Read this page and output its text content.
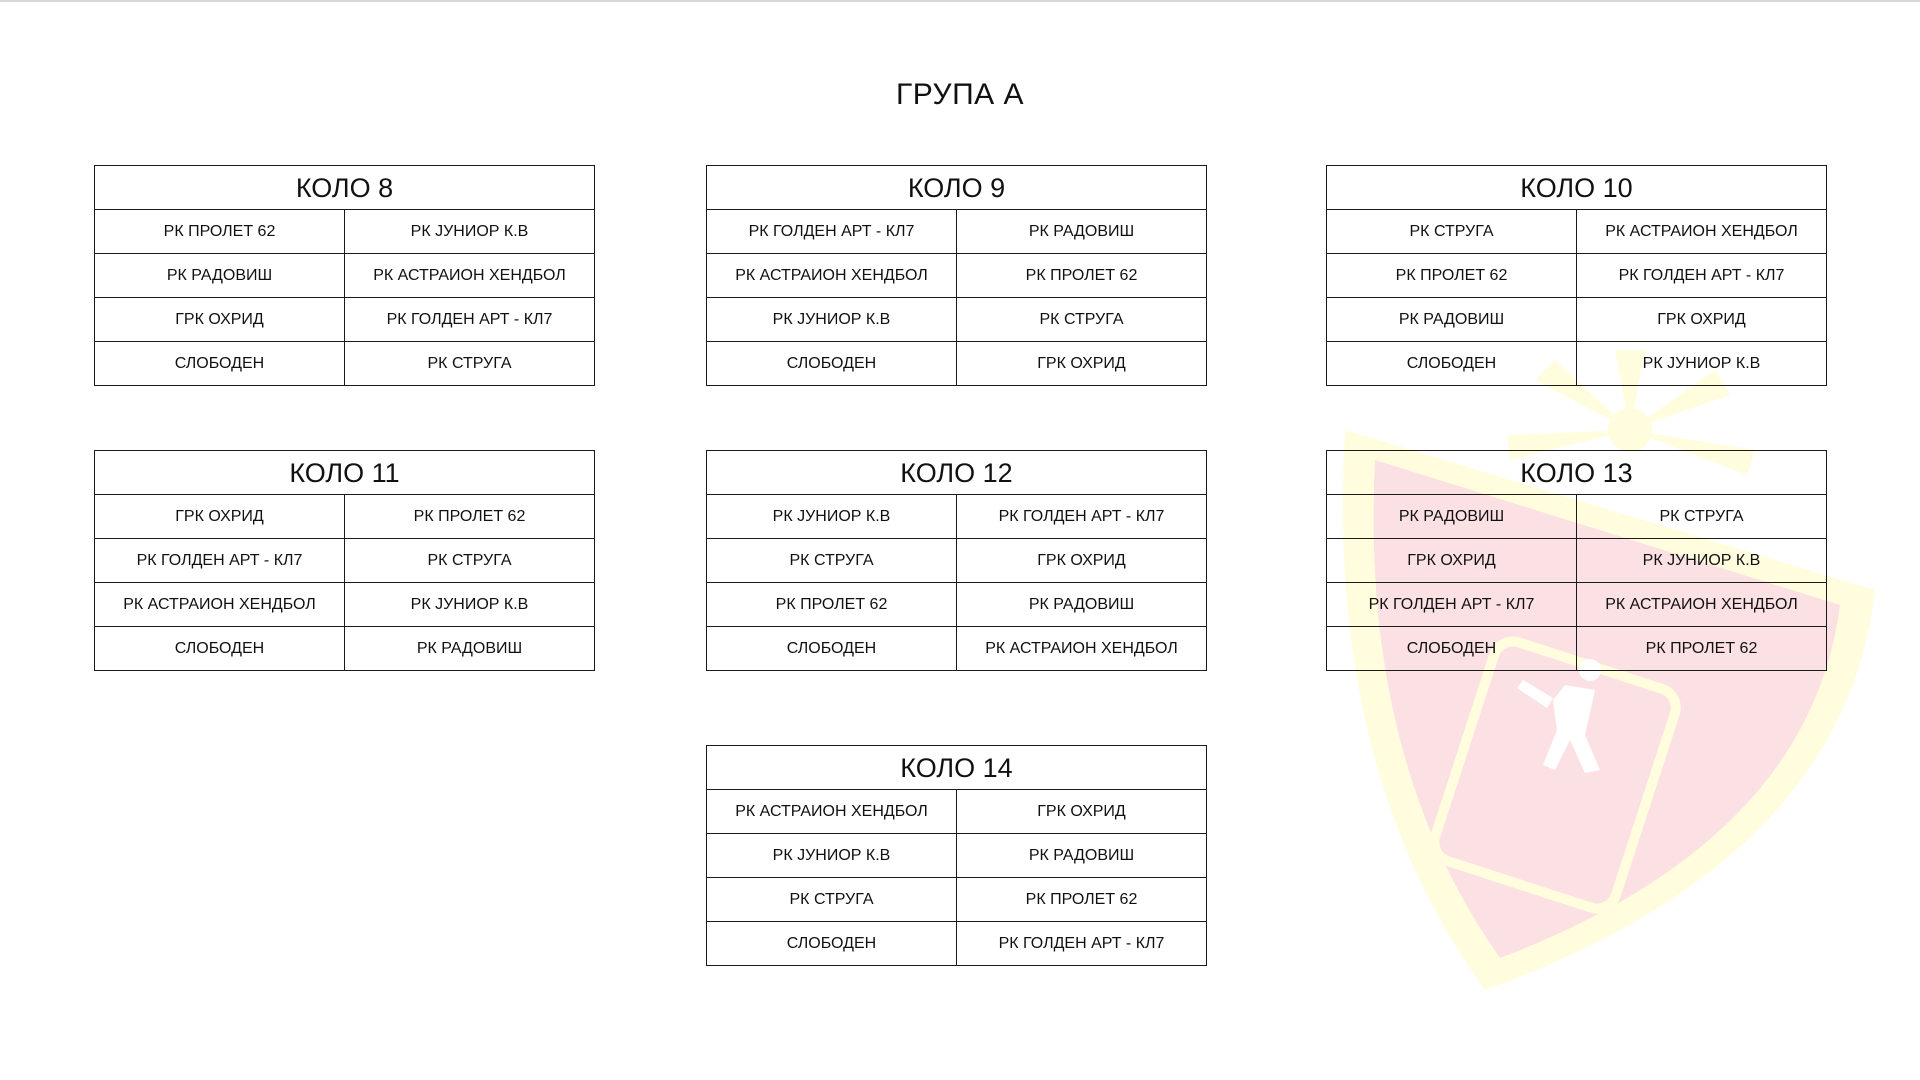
ГРУПА А
КОЛО 8
РК ПРОЛЕТ 62	РК ЈУНИОР К.В
РК РАДОВИШ	РК АСТРАИОН ХЕНДБОЛ
ГРК ОХРИД	РК ГОЛДЕН АРТ - КЛ7
СЛОБОДЕН	РК СТРУГА
КОЛО 9
РК ГОЛДЕН АРТ - КЛ7	РК РАДОВИШ
РК АСТРАИОН ХЕНДБОЛ	РК ПРОЛЕТ 62
РК ЈУНИОР К.В	РК СТРУГА
СЛОБОДЕН	ГРК ОХРИД
КОЛО 10
РК СТРУГА	РК АСТРАИОН ХЕНДБОЛ
РК ПРОЛЕТ 62	РК ГОЛДЕН АРТ - КЛ7
РК РАДОВИШ	ГРК ОХРИД
СЛОБОДЕН	РК ЈУНИОР К.В
КОЛО 11
ГРК ОХРИД	РК ПРОЛЕТ 62
РК ГОЛДЕН АРТ - КЛ7	РК СТРУГА
РК АСТРАИОН ХЕНДБОЛ	РК ЈУНИОР К.В
СЛОБОДЕН	РК РАДОВИШ
КОЛО 12
РК ЈУНИОР К.В	РК ГОЛДЕН АРТ - КЛ7
РК СТРУГА	ГРК ОХРИД
РК ПРОЛЕТ 62	РК РАДОВИШ
СЛОБОДЕН	РК АСТРАИОН ХЕНДБОЛ
КОЛО 13
РК РАДОВИШ	РК СТРУГА
ГРК ОХРИД	РК ЈУНИОР К.В
РК ГОЛДЕН АРТ - КЛ7	РК АСТРАИОН ХЕНДБОЛ
СЛОБОДЕН	РК ПРОЛЕТ 62
КОЛО 14
РК АСТРАИОН ХЕНДБОЛ	ГРК ОХРИД
РК ЈУНИОР К.В	РК РАДОВИШ
РК СТРУГА	РК ПРОЛЕТ 62
СЛОБОДЕН	РК ГОЛДЕН АРТ - КЛ7
